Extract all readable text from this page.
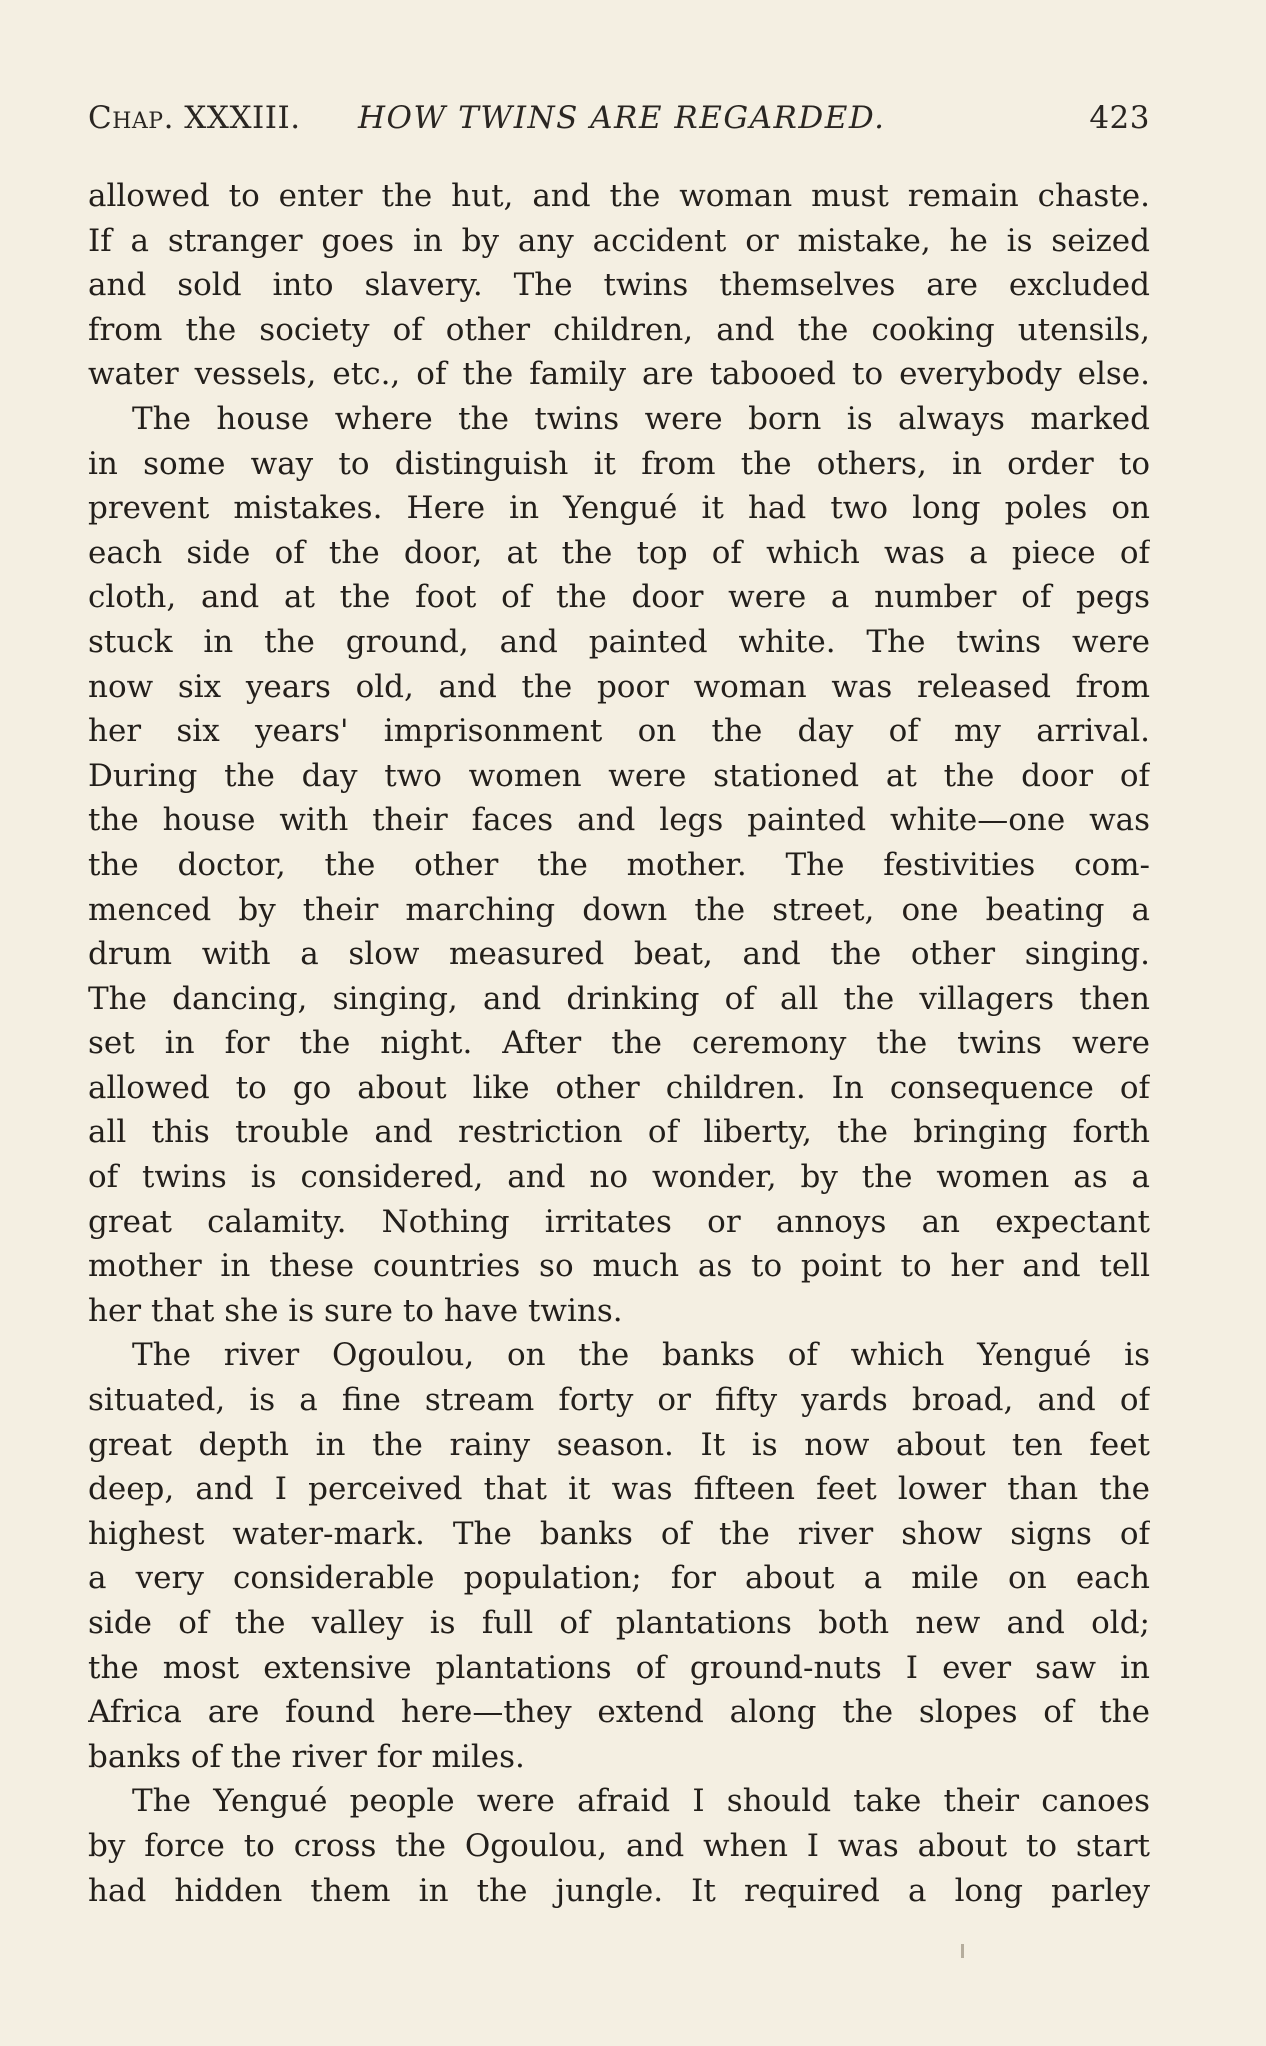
Chap. XXXIII. HOW TWINS ARE REGARDED.	423
allowed to enter the hut, and the woman must remain chaste.
If a stranger goes in by any accident or mistake, he is seized
and sold into slavery. The twins themselves are excluded
from the society of other children, and the cooking utensils,
water vessels, etc., of the family are tabooed to everybody else.
The house where the twins were born is always marked
in some way to distinguish it from the others, in order to
prevent mistakes. Here in Yengué it had two long poles on
each side of the door, at the top of which was a piece of
cloth, and at the foot of the door were a number of pegs
stuck in the ground, and painted white. The twins were
now six years old, and the poor woman was released from
her six years' imprisonment on the day of my arrival.
During the day two women were stationed at the door of
the house with their faces and legs painted white—one was
the doctor, the other the mother. The festivities com-
menced by their marching down the street, one beating a
drum with a slow measured beat, and the other singing.
The dancing, singing, and drinking of all the villagers then
set in for the night. After the ceremony the twins were
allowed to go about like other children. In consequence of
all this trouble and restriction of liberty, the bringing forth
of twins is considered, and no wonder, by the women as a
great calamity. Nothing irritates or annoys an expectant
mother in these countries so much as to point to her and tell
her that she is sure to have twins.
The river Ogoulou, on the banks of which Yengué is
situated, is a fine stream forty or fifty yards broad, and of
great depth in the rainy season. It is now about ten feet
deep, and I perceived that it was fifteen feet lower than the
highest water-mark. The banks of the river show signs of
a very considerable population; for about a mile on each
side of the valley is full of plantations both new and old;
the most extensive plantations of ground-nuts I ever saw in
Africa are found here—they extend along the slopes of the
banks of the river for miles.
The Yengué people were afraid I should take their canoes
by force to cross the Ogoulou, and when I was about to start
had hidden them in the jungle. It required a long parley
